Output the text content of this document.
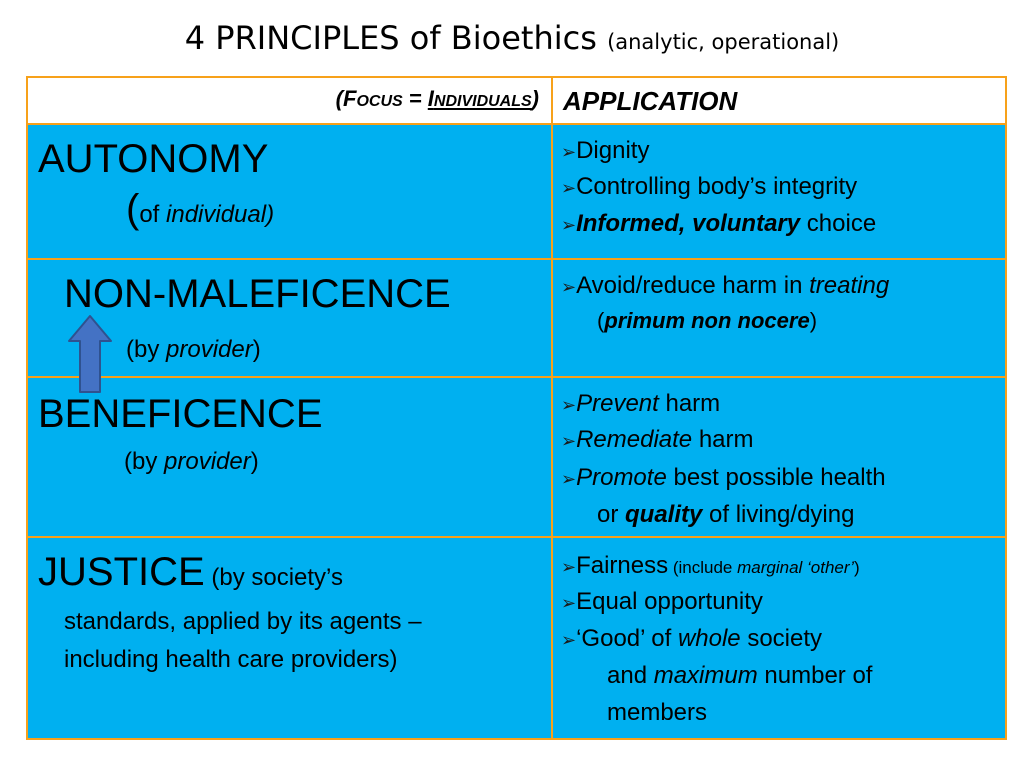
4 PRINCIPLES of Bioethics (analytic, operational)
(FOCUS = INDIVIDUALS) APPLICATION
AUTONOMY
(of individual)
➢Dignity
➢Controlling body’s integrity
➢Informed, voluntary choice
NON-MALEFICENCE
(by provider)
➢Avoid/reduce harm in treating
(primum non nocere)
BENEFICENCE
(by provider)
➢Prevent harm
➢Remediate harm
➢Promote best possible health
or quality of living/dying
JUSTICE (by society’s
standards, applied by its agents –
including health care providers)
➢Fairness (include marginal ‘other’)
➢Equal opportunity
➢‘Good’ of whole society
and maximum number of
members
